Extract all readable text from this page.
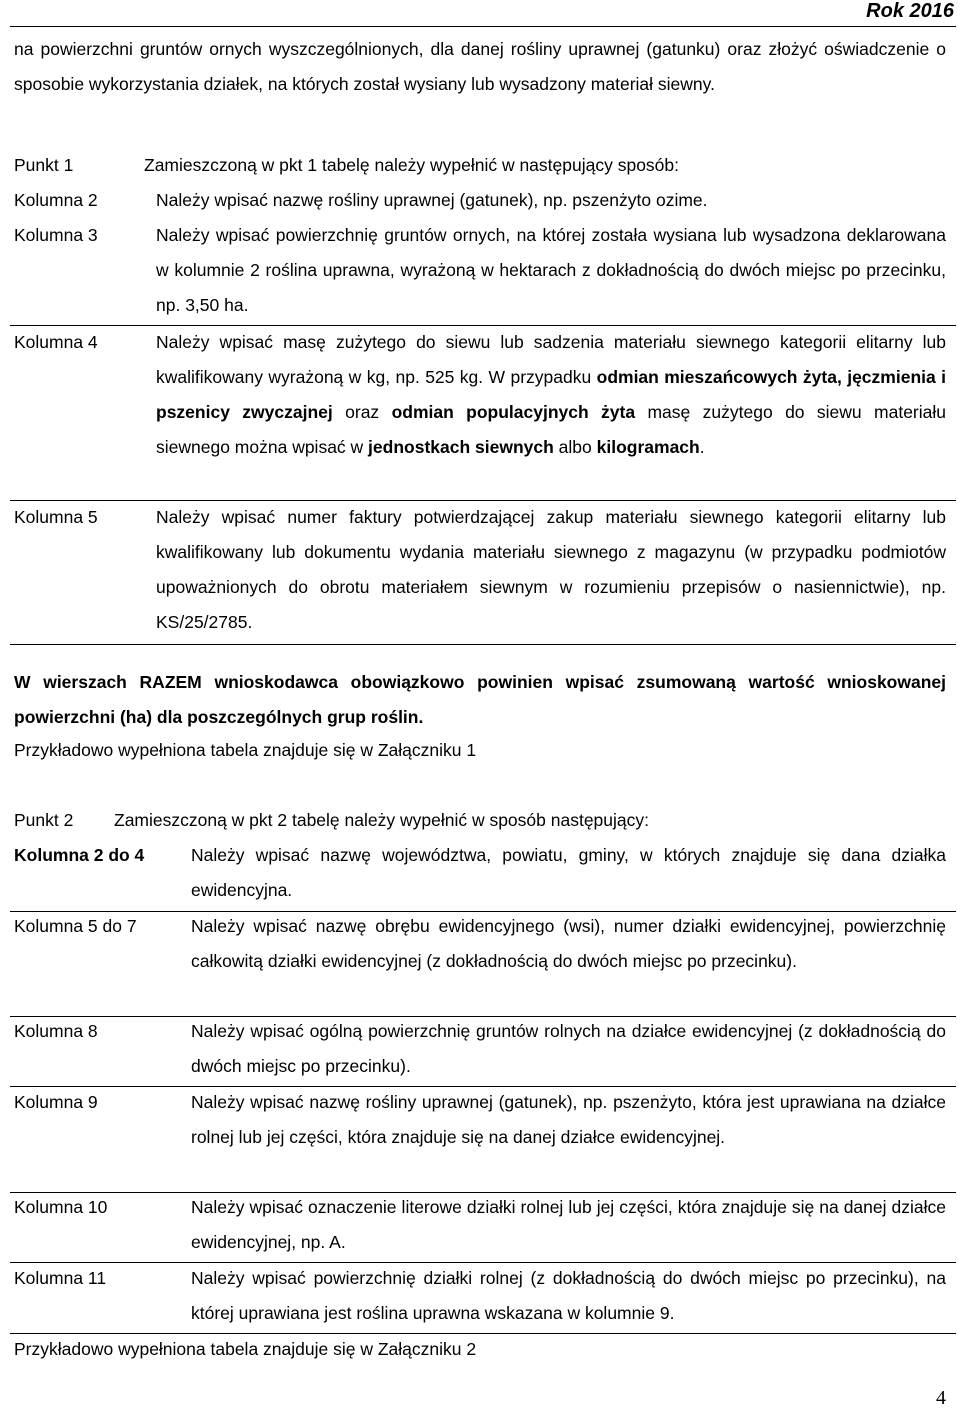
Rok 2016
na powierzchni gruntów ornych wyszczególnionych, dla danej rośliny uprawnej (gatunku) oraz złożyć oświadczenie o sposobie wykorzystania działek, na których został wysiany lub wysadzony materiał siewny.
Punkt 1	Zamieszczoną w pkt 1 tabelę należy wypełnić w następujący sposób:
Kolumna 2	Należy wpisać nazwę rośliny uprawnej (gatunek), np. pszenżyto ozime.
Kolumna 3	Należy wpisać powierzchnię gruntów ornych, na której została wysiana lub wysadzona deklarowana w kolumnie 2 roślina uprawna, wyrażoną w hektarach z dokładnością do dwóch miejsc po przecinku, np. 3,50 ha.
Kolumna 4	Należy wpisać masę zużytego do siewu lub sadzenia materiału siewnego kategorii elitarny lub kwalifikowany wyrażoną w kg, np. 525 kg. W przypadku odmian mieszańcowych żyta, jęczmienia i pszenicy zwyczajnej oraz odmian populacyjnych żyta masę zużytego do siewu materiału siewnego można wpisać w jednostkach siewnych albo kilogramach.
Kolumna 5	Należy wpisać numer faktury potwierdzającej zakup materiału siewnego kategorii elitarny lub kwalifikowany lub dokumentu wydania materiału siewnego z magazynu (w przypadku podmiotów upoważnionych do obrotu materiałem siewnym w rozumieniu przepisów o nasiennictwie), np. KS/25/2785.
W wierszach RAZEM wnioskodawca obowiązkowo powinien wpisać zsumowaną wartość wnioskowanej powierzchni (ha) dla poszczególnych grup roślin.
Przykładowo wypełniona tabela znajduje się w Załączniku 1
Punkt 2 Zamieszczoną w pkt 2 tabelę należy wypełnić w sposób następujący:
Kolumna 2 do 4	Należy wpisać nazwę województwa, powiatu, gminy, w których znajduje się dana działka ewidencyjna.
Kolumna 5 do 7	Należy wpisać nazwę obrębu ewidencyjnego (wsi), numer działki ewidencyjnej, powierzchnię całkowitą działki ewidencyjnej (z dokładnością do dwóch miejsc po przecinku).
Kolumna 8	Należy wpisać ogólną powierzchnię gruntów rolnych na działce ewidencyjnej (z dokładnością do dwóch miejsc po przecinku).
Kolumna 9	Należy wpisać nazwę rośliny uprawnej (gatunek), np. pszenżyto, która jest uprawiana na działce rolnej lub jej części, która znajduje się na danej działce ewidencyjnej.
Kolumna 10	Należy wpisać oznaczenie literowe działki rolnej lub jej części, która znajduje się na danej działce ewidencyjnej, np. A.
Kolumna 11	Należy wpisać powierzchnię działki rolnej (z dokładnością do dwóch miejsc po przecinku), na której uprawiana jest roślina uprawna wskazana w kolumnie 9.
Przykładowo wypełniona tabela znajduje się w Załączniku 2
4
